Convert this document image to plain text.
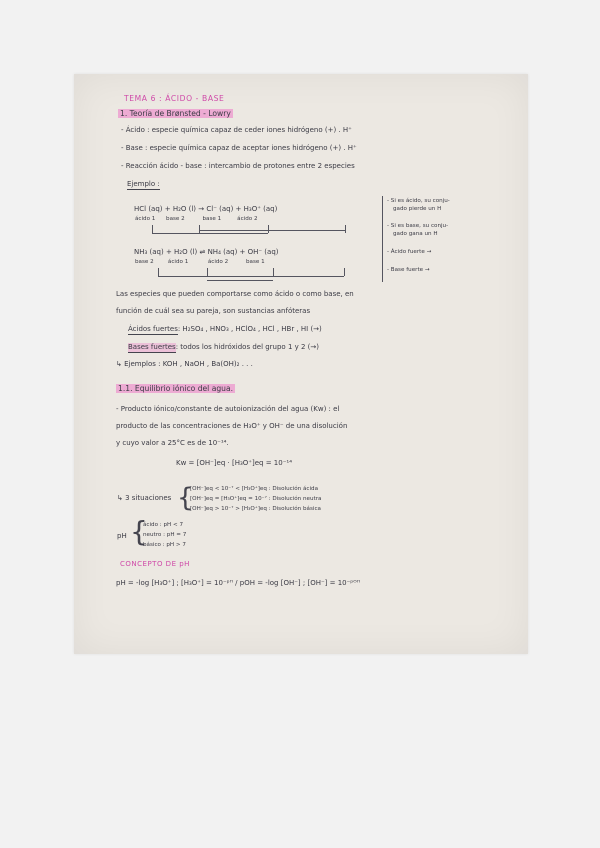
TEMA 6 : ÁCIDO - BASE
1. Teoría de Brønsted - Lowry
- Ácido : especie química capaz de ceder iones hidrógeno (+) . H⁺
- Base : especie química capaz de aceptar iones hidrógeno (+) . H⁺
- Reacción ácido - base : intercambio de protones entre 2 especies
Ejemplo :
HCl (aq) + H₂O (l) → Cl⁻ (aq) + H₃O⁺ (aq)
ácido 1      base 2          base 1         ácido 2
NH₃ (aq) + H₂O (l) ⇌ NH₄ (aq) + OH⁻ (aq)
base 2        ácido 1           ácido 2          base 1
- Si es ácido, su conju-
gado pierde un H
- Si es base, su conju-
gado gana un H
- Ácido fuerte →
- Base fuerte →
Las especies que pueden comportarse como ácido o como base, en
función de cuál sea su pareja, son sustancias anfóteras
Ácidos fuertes: H₂SO₄ , HNO₃ , HClO₄ , HCl , HBr , HI (→)
Bases fuertes: todos los hidróxidos del grupo 1 y 2 (→)
↳ Ejemplos : KOH , NaOH , Ba(OH)₂ . . .
1.1. Equilibrio iónico del agua.
- Producto iónico/constante de autoionización del agua (Kw) : el
producto de las concentraciones de H₃O⁺ y OH⁻ de una disolución
y cuyo valor a 25°C es de 10⁻¹⁴.
Kw = [OH⁻]eq · [H₃O⁺]eq = 10⁻¹⁴
↳ 3 situaciones {
[OH⁻]eq < 10⁻⁷ < [H₃O⁺]eq : Disolución ácida
[OH⁻]eq = [H₃O⁺]eq = 10⁻⁷ : Disolución neutra
[OH⁻]eq > 10⁻⁷ > [H₃O⁺]eq : Disolución básica
pH {
ácido : pH < 7
neutro : pH = 7
básico : pH > 7
CONCEPTO DE pH
pH = -log [H₃O⁺] ; [H₃O⁺] = 10⁻ᵖᴴ / pOH = -log [OH⁻] ; [OH⁻] = 10⁻ᵖᴼᴴ
